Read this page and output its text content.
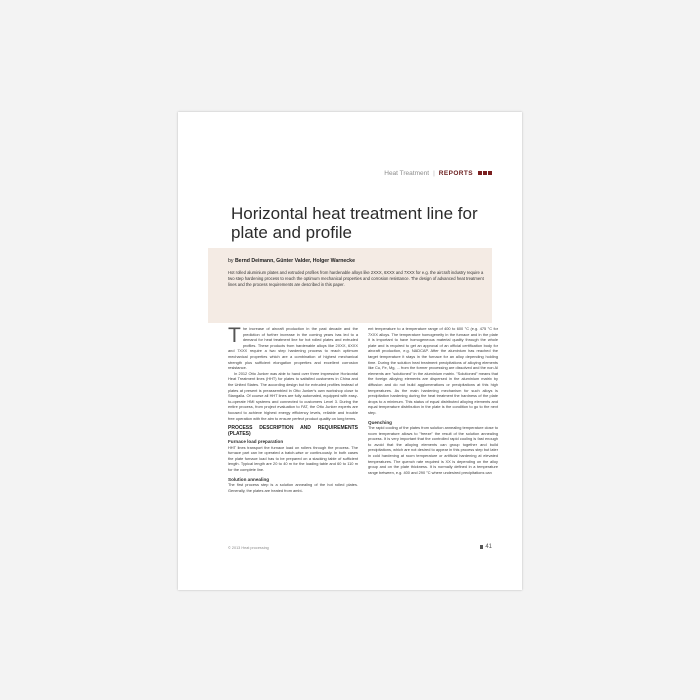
Heat Treatment | REPORTS
Horizontal heat treatment line for plate and profile
by Bernd Deimann, Günter Valder, Holger Warnecke
Hot rolled aluminium plates and extruded profiles from hardenable alloys like 2XXX, 6XXX and 7XXX for e.g. the aircraft industry require a two step hardening process to reach the optimum mechanical properties and corrosion resistance. The design of advanced heat treatment lines and the process requirements are described in this paper.

The increase of aircraft production in the past decade and the prediction of further increase in the coming years has led to a demand for heat treatment line for hot rolled plates and extruded profiles. These products from hardenable alloys like 2XXX, 6XXX and 7XXX require a two step hardening process to reach optimum mechanical properties which are a combination of highest mechanical strength plus sufficient elongation properties and excellent corrosion resistance.

In 2012 Otto Junker was able to hand over three impressive Horizontal Heat Treatment lines (HHT) for plates to satisfied customers in China and the United States. The according design but for extruded profiles instead of plates at present is preassembled in Otto Junker's own workshop close to Stangalla. Of course all HHT lines are fully automated, equipped with easy-to-operate HMI systems and connected to customers Level 3. During the entire process, from project evaluation to FAT, the Otto Junker experts are focused to achieve highest energy efficiency levels, reliable and trouble free operation with the aim to ensure perfect product quality on long terms.

PROCESS DESCRIPTION AND REQUIREMENTS (PLATES)
Furnace load preparation

HHT lines transport the furnace load on rollers through the process. The furnace part can be operated a batch-wise or continuously. In both cases the plate furnace load has to be prepared on a stacking table of sufficient length. Typical length are 20 to 40 m for the loading table and 60 to 110 m for the complete line.

Solution annealing

The first process step is a solution annealing of the hot rolled plates. Generally, the plates are heated from ambi-

ent temperature to a temperature range of 400 to 600 °C (e.g. 475 °C for 7XXX alloys. The temperature homogeneity in the furnace and in the plate it is important to have homogeneous material quality through the whole plate and is required to get an approval of an official certification body for aircraft production, e.g. NADCAP. After the aluminium has reached the target temperature it stays in the furnace for an alloy depending holding time. During the solution heat treatment precipitations of alloying elements like Cu, Fe, Mg, ... from the former processing are dissolved and the non Al elements are "solutioned" in the aluminium matrix. "Solutioned" means that the foreign alloying elements are dispersed in the aluminium matrix by diffusion and do not build agglomerations or precipitations at this high temperatures. As the main hardening mechanism for such alloys is precipitation hardening during the heat treatment the hardness of the plate drops to a minimum. This status of equal distributed alloying elements and equal temperature distribution in the plate is the condition to go to the next step.

Quenching

The rapid cooling of the plates from solution annealing temperature close to room temperature allows to "freeze" the result of the solution annealing process. It is very important that the controlled rapid cooling is fast enough to avoid that the alloying elements can group together and build precipitations, which are not desired to appear in this process step but later in cold hardening at room temperature or artificial hardening at elevated temperatures. The quench rate required is XX is depending on the alloy group and on the plate thickness. It is normally defined in a temperature range between, e.g. 400 and 290 °C where undesired precipitations can

© 2013 Heat processing	41
